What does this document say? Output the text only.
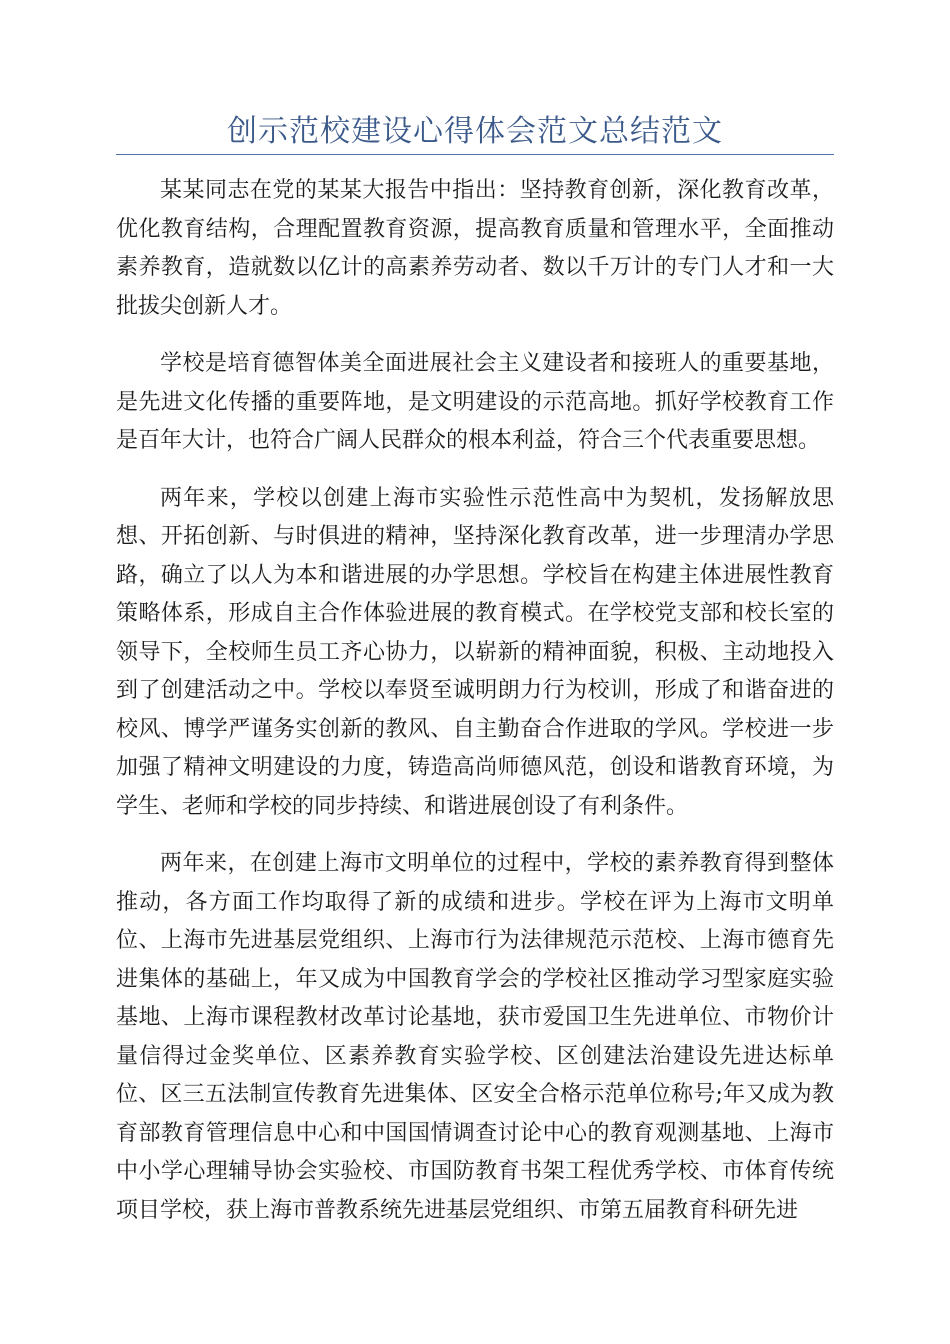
创示范校建设心得体会范文总结范文

某某同志在党的某某大报告中指出：坚持教育创新，深化教育改革，优化教育结构，合理配置教育资源，提高教育质量和管理水平，全面推动素养教育，造就数以亿计的高素养劳动者、数以千万计的专门人才和一大批拔尖创新人才。

学校是培育德智体美全面进展社会主义建设者和接班人的重要基地，是先进文化传播的重要阵地，是文明建设的示范高地。抓好学校教育工作是百年大计，也符合广阔人民群众的根本利益，符合三个代表重要思想。

两年来，学校以创建上海市实验性示范性高中为契机，发扬解放思想、开拓创新、与时俱进的精神，坚持深化教育改革，进一步理清办学思路，确立了以人为本和谐进展的办学思想。学校旨在构建主体进展性教育策略体系，形成自主合作体验进展的教育模式。在学校党支部和校长室的领导下，全校师生员工齐心协力，以崭新的精神面貌，积极、主动地投入到了创建活动之中。学校以奉贤至诚明朗力行为校训，形成了和谐奋进的校风、博学严谨务实创新的教风、自主勤奋合作进取的学风。学校进一步加强了精神文明建设的力度，铸造高尚师德风范，创设和谐教育环境，为学生、老师和学校的同步持续、和谐进展创设了有利条件。

两年来，在创建上海市文明单位的过程中，学校的素养教育得到整体推动，各方面工作均取得了新的成绩和进步。学校在评为上海市文明单位、上海市先进基层党组织、上海市行为法律规范示范校、上海市德育先进集体的基础上，年又成为中国教育学会的学校社区推动学习型家庭实验基地、上海市课程教材改革讨论基地，获市爱国卫生先进单位、市物价计量信得过金奖单位、区素养教育实验学校、区创建法治建设先进达标单位、区三五法制宣传教育先进集体、区安全合格示范单位称号;年又成为教育部教育管理信息中心和中国国情调查讨论中心的教育观测基地、上海市中小学心理辅导协会实验校、市国防教育书架工程优秀学校、市体育传统项目学校，获上海市普教系统先进基层党组织、市第五届教育科研先进
